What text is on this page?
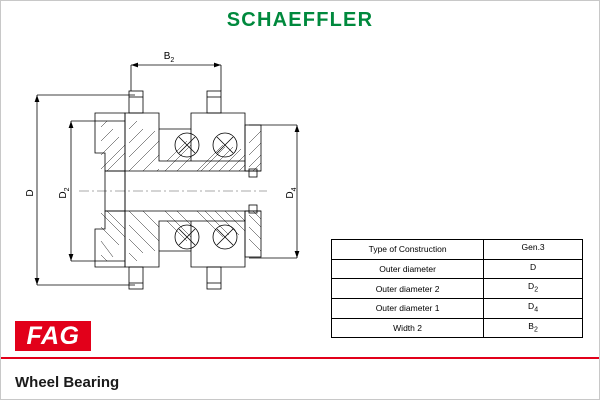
SCHAEFFLER
$B_2$
D $D_2$
$D_4$
Type of Construction	Gen.3
Outer diameter	D
Outer diameter 2	$D_2$
Outer diameter 1	$D_4$
Width 2	$B_2$
FAG
Wheel Bearing
